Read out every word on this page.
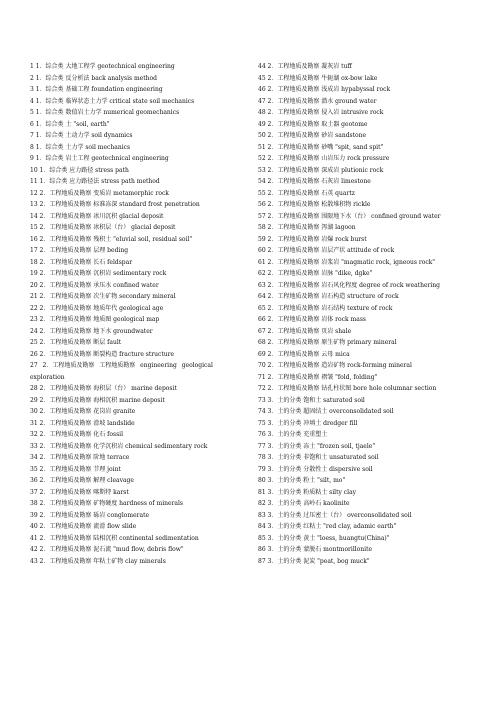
1 1．综合类 大地工程学 geotechnical engineering
2 1．综合类 反分析法 back analysis method
3 1．综合类 基础工程 foundation engineering
4 1．综合类 临界状态土力学 critical state soil mechanics
5 1．综合类 数值岩土力学 numerical geomechanics
6 1．综合类 土 "soil, earth"
7 1．综合类 土动力学 soil dynamics
8 1．综合类 土力学 soil mechanics
9 1．综合类 岩土工程 geotechnical engineering
10 1．综合类 应力路径 stress path
11 1．综合类 应力路径法 stress path method
12 2．工程地质及勘察 变质岩 metamorphic rock
13 2．工程地质及勘察 标准冻深 standard frost penetration
14 2．工程地质及勘察 冰川沉积 glacial deposit
15 2．工程地质及勘察 冰积层（台） glacial deposit
16 2．工程地质及勘察 残积土 "eluvial soil, residual soil"
17 2．工程地质及勘察 层理 beding
18 2．工程地质及勘察 长石 feldspar
19 2．工程地质及勘察 沉积岩 sedimentary rock
20 2．工程地质及勘察 承压水 confined water
21 2．工程地质及勘察 次生矿物 secondary mineral
22 2．工程地质及勘察 地质年代 geological age
23 2．工程地质及勘察 地质图 geological map
24 2．工程地质及勘察 地下水 groundwater
25 2．工程地质及勘察 断层 fault
26 2．工程地质及勘察 断裂构造 fracture structure
27 2．工程地质及勘察 工程地质勘察 engineering geological exploration
28 2．工程地质及勘察 海积层（台） marine deposit
29 2．工程地质及勘察 海相沉积 marine deposit
30 2．工程地质及勘察 花岗岩 granite
31 2．工程地质及勘察 滑坡 landslide
32 2．工程地质及勘察 化石 fossil
33 2．工程地质及勘察 化学沉积岩 chemical sedimentary rock
34 2．工程地质及勘察 阶地 terrace
35 2．工程地质及勘察 节理 joint
36 2．工程地质及勘察 解理 cleavage
37 2．工程地质及勘察 喀斯特 karst
38 2．工程地质及勘察 矿物硬度 hardness of minerals
39 2．工程地质及勘察 砾岩 conglomerate
40 2．工程地质及勘察 流滑 flow slide
41 2．工程地质及勘察 陆相沉积 continental sedimentation
42 2．工程地质及勘察 泥石流 "mud flow, debris flow"
43 2．工程地质及勘察 年粘土矿物 clay minerals
44 2．工程地质及勘察 凝灰岩 tuff
45 2．工程地质及勘察 牛轭湖 ox-bow lake
46 2．工程地质及勘察 浅成岩 hypabyssal rock
47 2．工程地质及勘察 潜水 ground water
48 2．工程地质及勘察 侵入岩 intrusive rock
49 2．工程地质及勘察 取土器 geotome
50 2．工程地质及勘察 砂岩 sandstone
51 2．工程地质及勘察 砂嘴 "spit, sand spit"
52 2．工程地质及勘察 山岩压力 rock pressure
53 2．工程地质及勘察 深成岩 plutionic rock
54 2．工程地质及勘察 石灰岩 limestone
55 2．工程地质及勘察 石英 quartz
56 2．工程地质及勘察 松散堆积物 rickle
57 2．工程地质及勘察 围限地下水（台） confined ground water
58 2．工程地质及勘察 泻湖 lagoon
59 2．工程地质及勘察 岩爆 rock burst
60 2．工程地质及勘察 岩层产状 attitude of rock
61 2．工程地质及勘察 岩浆岩 "magmatic rock, igneous rock"
62 2．工程地质及勘察 岩脉 "dike, dgke"
63 2．工程地质及勘察 岩石风化程度 degree of rock weathering
64 2．工程地质及勘察 岩石构造 structure of rock
65 2．工程地质及勘察 岩石结构 texture of rock
66 2．工程地质及勘察 岩体 rock mass
67 2．工程地质及勘察 页岩 shale
68 2．工程地质及勘察 原生矿物 primary mineral
69 2．工程地质及勘察 云母 mica
70 2．工程地质及勘察 造岩矿物 rock-forming mineral
71 2．工程地质及勘察 褶皱 "fold, folding"
72 2．工程地质及勘察 钻孔柱状图 bore hole columnar section
73 3．土的分类 饱和土 saturated soil
74 3．土的分类 超固结土 overconsolidated soil
75 3．土的分类 冲填土 dredger fill
76 3．土的分类 充重塑土
77 3．土的分类 冻土 "frozen soil, tjaele"
78 3．土的分类 非饱和土 unsaturated soil
79 3．土的分类 分散性土 dispersive soil
80 3．土的分类 粉土 "silt, mo"
81 3．土的分类 粉质粘土 silty clay
82 3．土的分类 高岭石 kaolinite
83 3．土的分类 过压密土（台） overconsolidated soil
84 3．土的分类 红粘土 "red clay, adamic earth"
85 3．土的分类 黄土 "loess, huangtu(China)"
86 3．土的分类 蒙脱石 montmorillonite
87 3．土的分类 泥炭 "peat, bog muck"
